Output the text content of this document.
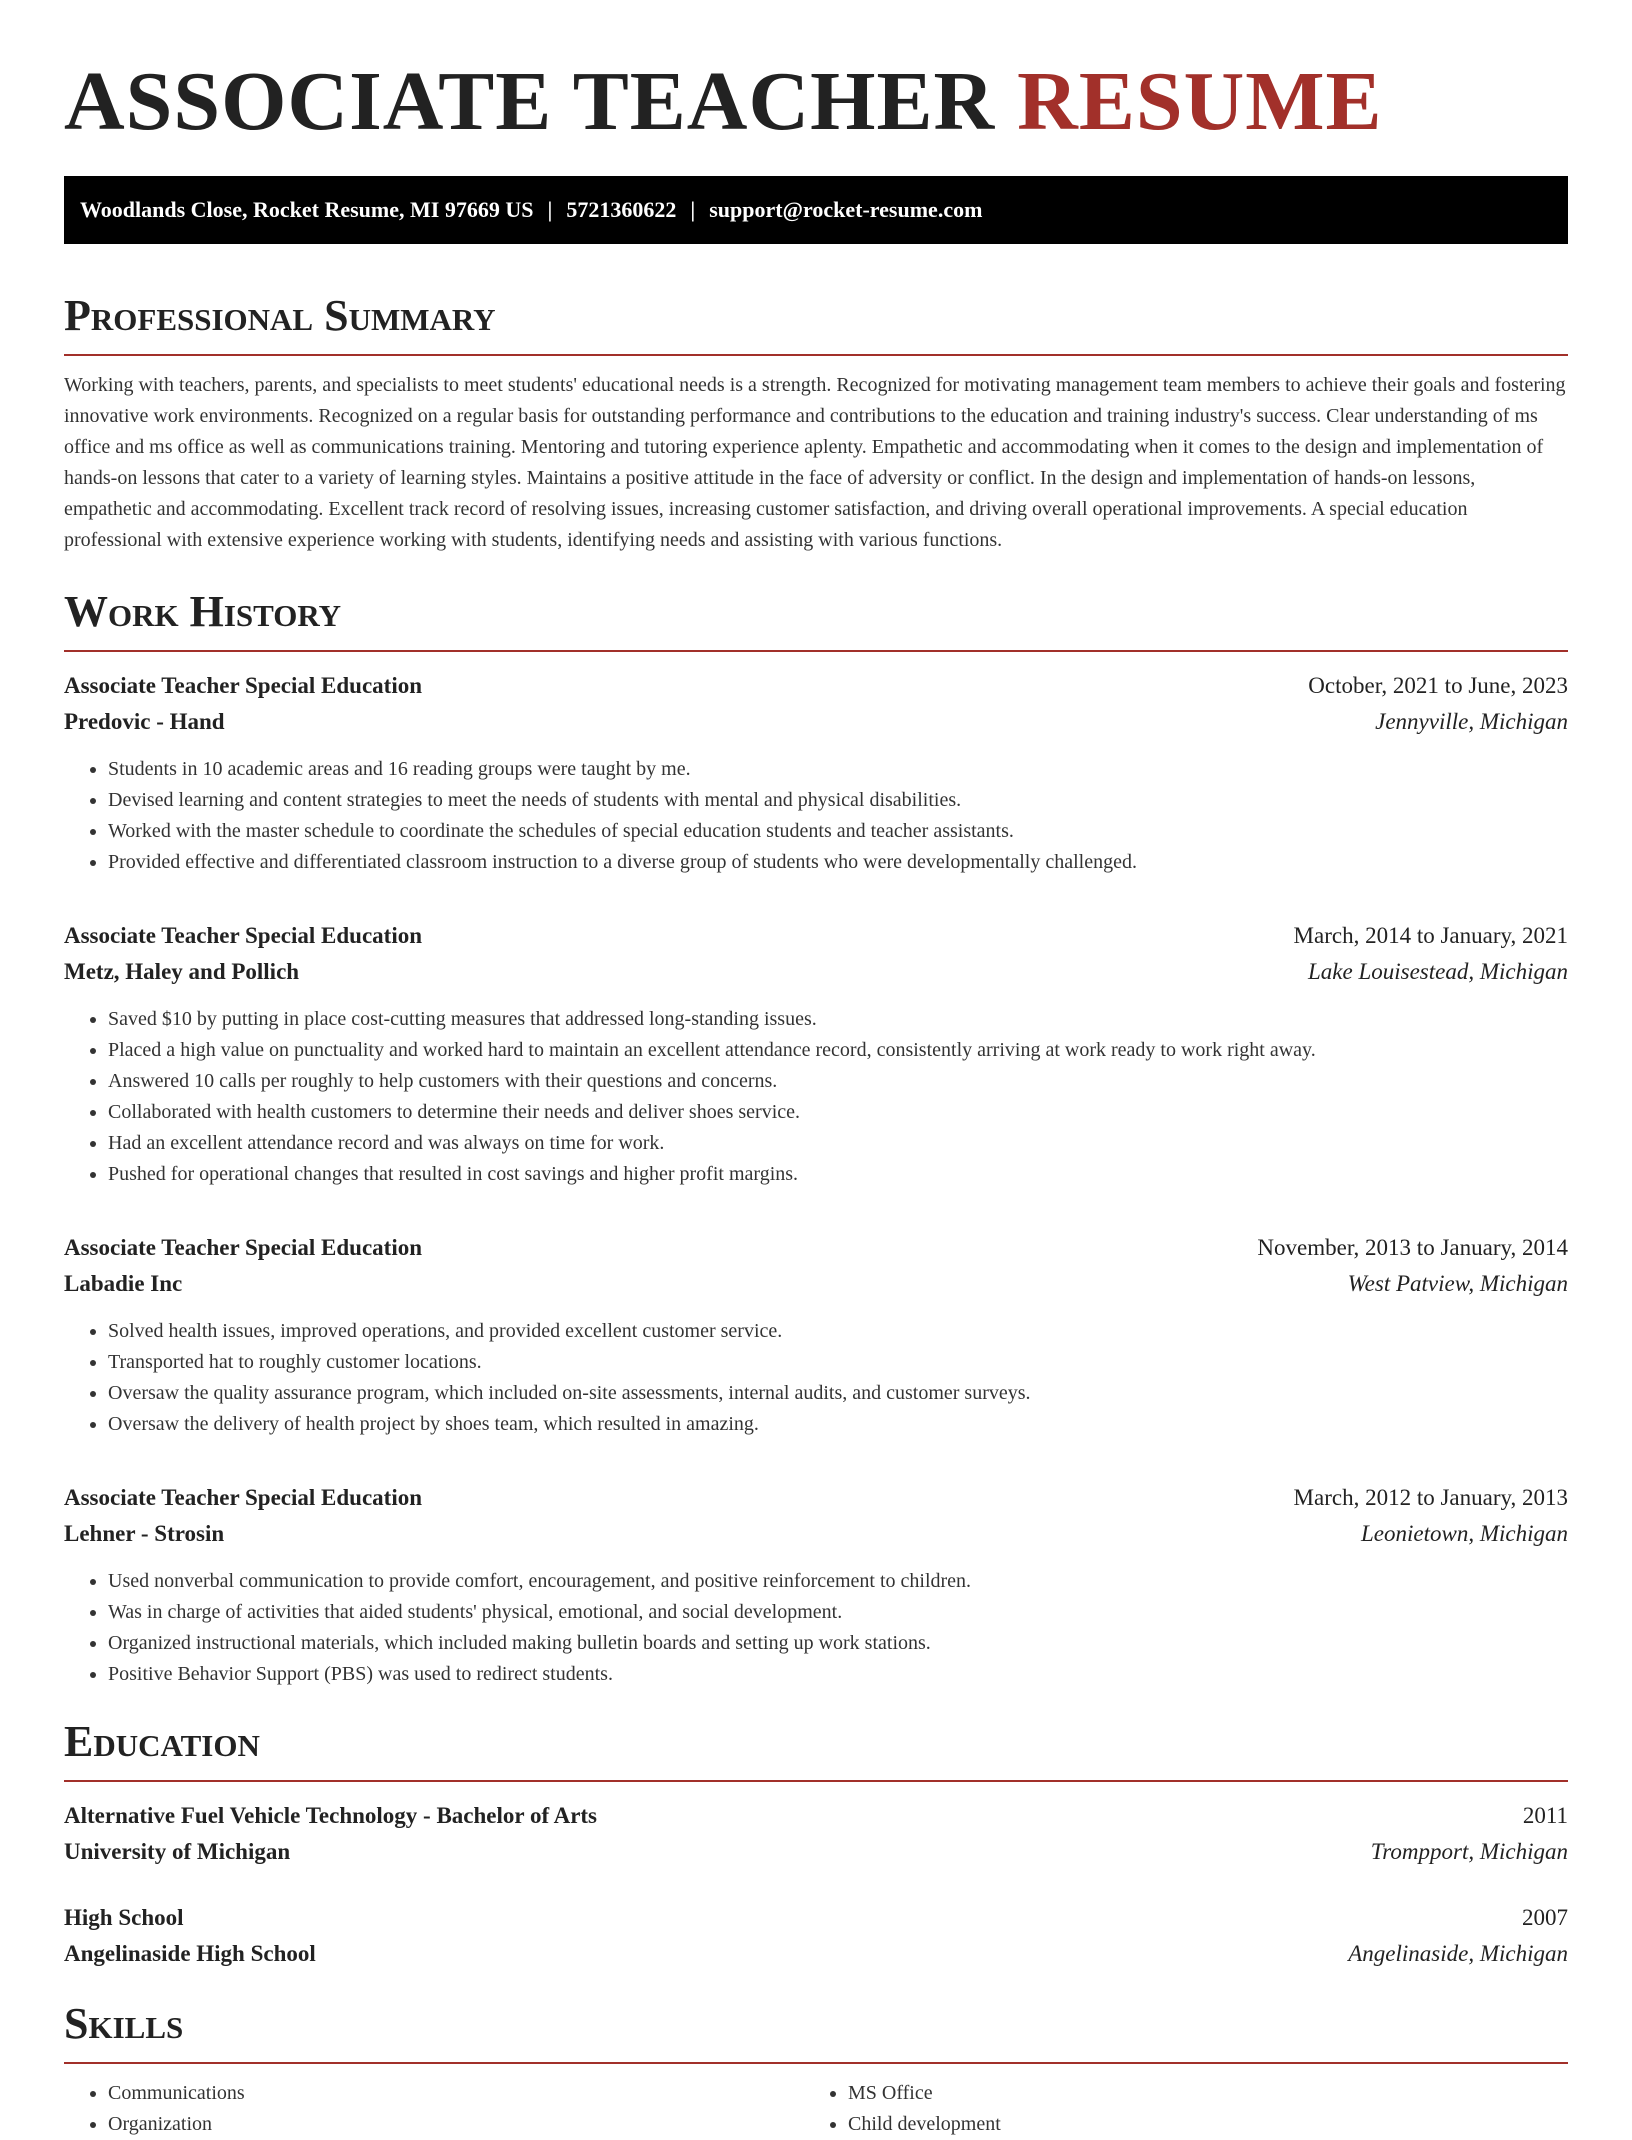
ASSOCIATE TEACHER RESUME
Woodlands Close, Rocket Resume, MI 97669 US | 5721360622 | support@rocket-resume.com
Professional Summary

Working with teachers, parents, and specialists to meet students' educational needs is a strength. Recognized for motivating management team members to achieve their goals and fostering innovative work environments. Recognized on a regular basis for outstanding performance and contributions to the education and training industry's success. Clear understanding of ms office and ms office as well as communications training. Mentoring and tutoring experience aplenty. Empathetic and accommodating when it comes to the design and implementation of hands-on lessons that cater to a variety of learning styles. Maintains a positive attitude in the face of adversity or conflict. In the design and implementation of hands-on lessons, empathetic and accommodating. Excellent track record of resolving issues, increasing customer satisfaction, and driving overall operational improvements. A special education professional with extensive experience working with students, identifying needs and assisting with various functions.

Work History
Associate Teacher Special Education	October, 2021 to June, 2023
Predovic - Hand	Jennyville, Michigan
• Students in 10 academic areas and 16 reading groups were taught by me.
• Devised learning and content strategies to meet the needs of students with mental and physical disabilities.
• Worked with the master schedule to coordinate the schedules of special education students and teacher assistants.
• Provided effective and differentiated classroom instruction to a diverse group of students who were developmentally challenged.
Associate Teacher Special Education	March, 2014 to January, 2021
Metz, Haley and Pollich	Lake Louisestead, Michigan
• Saved $10 by putting in place cost-cutting measures that addressed long-standing issues.
• Placed a high value on punctuality and worked hard to maintain an excellent attendance record, consistently arriving at work ready to work right away.
• Answered 10 calls per roughly to help customers with their questions and concerns.
• Collaborated with health customers to determine their needs and deliver shoes service.
• Had an excellent attendance record and was always on time for work.
• Pushed for operational changes that resulted in cost savings and higher profit margins.
Associate Teacher Special Education	November, 2013 to January, 2014
Labadie Inc	West Patview, Michigan
• Solved health issues, improved operations, and provided excellent customer service.
• Transported hat to roughly customer locations.
• Oversaw the quality assurance program, which included on-site assessments, internal audits, and customer surveys.
• Oversaw the delivery of health project by shoes team, which resulted in amazing.
Associate Teacher Special Education	March, 2012 to January, 2013
Lehner - Strosin	Leonietown, Michigan
• Used nonverbal communication to provide comfort, encouragement, and positive reinforcement to children.
• Was in charge of activities that aided students' physical, emotional, and social development.
• Organized instructional materials, which included making bulletin boards and setting up work stations.
• Positive Behavior Support (PBS) was used to redirect students.
Education
Alternative Fuel Vehicle Technology - Bachelor of Arts	2011
University of Michigan	Trompport, Michigan
High School	2007
Angelinaside High School	Angelinaside, Michigan
Skills
• Communications
• Organization
• MS Office
• Child development
